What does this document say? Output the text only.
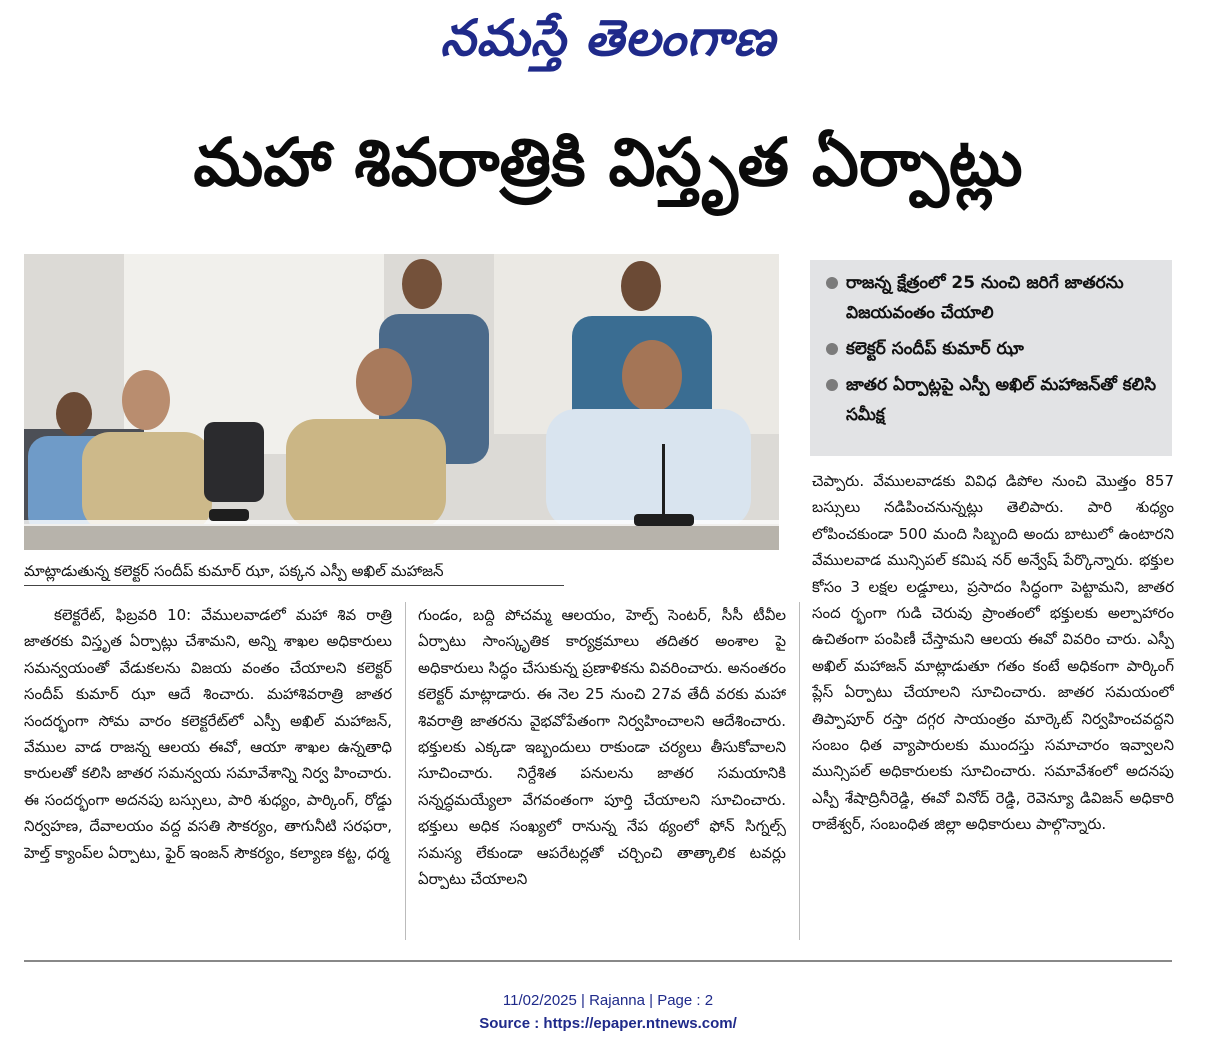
నమస్తే తెలంగాణ
మహా శివరాత్రికి విస్తృత ఏర్పాట్లు
మాట్లాడుతున్న కలెక్టర్ సందీప్ కుమార్ ఝా, పక్కన ఎస్పీ అఖిల్ మహాజన్
రాజన్న క్షేత్రంలో 25 నుంచి జరిగే జాతరను విజయవంతం చేయాలి
కలెక్టర్ సందీప్ కుమార్ ఝా
జాతర ఏర్పాట్లపై ఎస్పీ అఖిల్ మహాజన్‌తో కలిసి సమీక్ష
కలెక్టరేట్, ఫిబ్రవరి 10: వేములవాడలో మహా శివ రాత్రి జాతరకు విస్తృత ఏర్పాట్లు చేశామని, అన్ని శాఖల అధికారులు సమన్వయంతో వేడుకలను విజయ వంతం చేయాలని కలెక్టర్ సందీప్ కుమార్ ఝా ఆదే శించారు. మహాశివరాత్రి జాతర సందర్భంగా సోమ వారం కలెక్టరేట్‌లో ఎస్పీ అఖిల్ మహాజన్, వేముల వాడ రాజన్న ఆలయ ఈవో, ఆయా శాఖల ఉన్నతాధి కారులతో కలిసి జాతర సమన్వయ సమావేశాన్ని నిర్వ హించారు. ఈ సందర్భంగా అదనపు బస్సులు, పారి శుధ్యం, పార్కింగ్, రోడ్డు నిర్వహణ, దేవాలయం వద్ద వసతి సౌకర్యం, తాగునీటి సరఫరా, హెల్త్ క్యాంప్‌ల ఏర్పాటు, ఫైర్ ఇంజన్ సౌకర్యం, కల్యాణ కట్ట, ధర్మ
గుండం, బద్ది పోచమ్మ ఆలయం, హెల్ప్ సెంటర్, సీసీ టీవీల ఏర్పాటు సాంస్కృతిక కార్యక్రమాలు తదితర అంశాల పై అధికారులు సిద్ధం చేసుకున్న ప్రణాళికను వివరించారు. అనంతరం కలెక్టర్ మాట్లాడారు. ఈ నెల 25 నుంచి 27వ తేదీ వరకు మహా శివరాత్రి జాతరను వైభవోపేతంగా నిర్వహించాలని ఆదేశించారు. భక్తులకు ఎక్కడా ఇబ్బందులు రాకుండా చర్యలు తీసుకోవాలని సూచించారు. నిర్దేశిత పనులను జాతర సమయానికి సన్నద్ధమయ్యేలా వేగవంతంగా పూర్తి చేయాలని సూచించారు. భక్తులు అధిక సంఖ్యలో రానున్న నేప థ్యంలో ఫోన్ సిగ్నల్స్ సమస్య లేకుండా ఆపరేటర్లతో చర్చించి తాత్కాలిక టవర్లు ఏర్పాటు చేయాలని
చెప్పారు. వేములవాడకు వివిధ డిపోల నుంచి మొత్తం 857 బస్సులు నడిపించనున్నట్లు తెలిపారు. పారి శుధ్యం లోపించకుండా 500 మంది సిబ్బంది అందు బాటులో ఉంటారని వేములవాడ మున్సిపల్ కమిష నర్ అన్వేష్ పేర్కొన్నారు. భక్తుల కోసం 3 లక్షల లడ్డూలు, ప్రసాదం సిద్ధంగా పెట్టామని, జాతర సంద ర్భంగా గుడి చెరువు ప్రాంతంలో భక్తులకు అల్పాహారం ఉచితంగా పంపిణీ చేస్తామని ఆలయ ఈవో వివరిం చారు. ఎస్పీ అఖిల్ మహాజన్ మాట్లాడుతూ గతం కంటే అధికంగా పార్కింగ్ ప్లేస్ ఏర్పాటు చేయాలని సూచించారు. జాతర సమయంలో తిప్పాపూర్ రస్తా దగ్గర సాయంత్రం మార్కెట్ నిర్వహించవద్దని సంబం ధిత వ్యాపారులకు ముందస్తు సమాచారం ఇవ్వాలని మున్సిపల్ అధికారులకు సూచించారు. సమావేశంలో అదనపు ఎస్పీ శేషాద్రినీరెడ్డి, ఈవో వినోద్ రెడ్డి, రెవెన్యూ డివిజన్ అధికారి రాజేశ్వర్, సంబంధిత జిల్లా అధికారులు పాల్గొన్నారు.
11/02/2025 | Rajanna | Page : 2
Source : https://epaper.ntnews.com/
